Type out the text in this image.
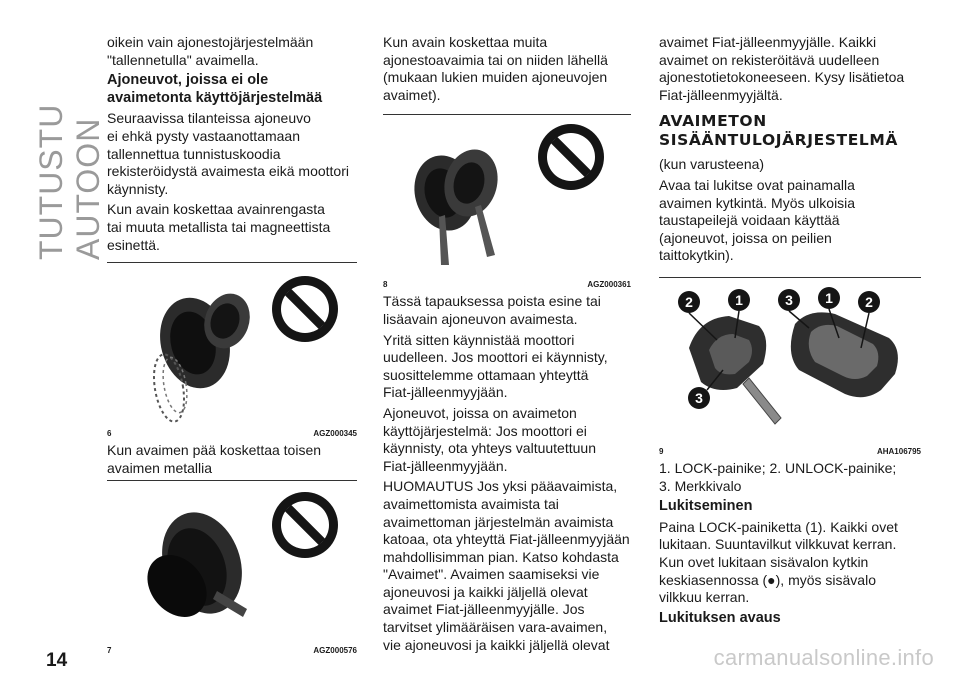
TUTUSTU AUTOON

oikein vain ajonestojärjestelmään
"tallennetulla" avaimella.

Ajoneuvot, joissa ei ole
avaimetonta käyttöjärjestelmää

Seuraavissa tilanteissa ajoneuvo
ei ehkä pysty vastaanottamaan
tallennettua tunnistuskoodia
rekisteröidystä avaimesta eikä moottori
käynnisty.

Kun avain koskettaa avainrengasta
tai muuta metallista tai magneettista
esinettä.

6	AGZ000345

Kun avaimen pää koskettaa toisen
avaimen metallia

7	AGZ000576

Kun avain koskettaa muita
ajonestoavaimia tai on niiden lähellä
(mukaan lukien muiden ajoneuvojen
avaimet).

8	AGZ000361

Tässä tapauksessa poista esine tai
lisäavain ajoneuvon avaimesta.

Yritä sitten käynnistää moottori
uudelleen. Jos moottori ei käynnisty,
suosittelemme ottamaan yhteyttä
Fiat-jälleenmyyjään.

Ajoneuvot, joissa on avaimeton
käyttöjärjestelmä: Jos moottori ei
käynnisty, ota yhteys valtuutettuun
Fiat-jälleenmyyjään.

HUOMAUTUS Jos yksi pääavaimista,
avaimettomista avaimista tai
avaimettoman järjestelmän avaimista
katoaa, ota yhteyttä Fiat-jälleenmyyjään
mahdollisimman pian. Katso kohdasta
"Avaimet". Avaimen saamiseksi vie
ajoneuvosi ja kaikki jäljellä olevat
avaimet Fiat-jälleenmyyjälle. Jos
tarvitset ylimääräisen vara-avaimen,
vie ajoneuvosi ja kaikki jäljellä olevat

avaimet Fiat-jälleenmyyjälle. Kaikki
avaimet on rekisteröitävä uudelleen
ajonestotietokoneeseen. Kysy lisätietoa
Fiat-jälleenmyyjältä.

AVAIMETON
SISÄÄNTULOJÄRJESTELMÄ

(kun varusteena)

Avaa tai lukitse ovat painamalla
avaimen kytkintä. Myös ulkoisia
taustapeilejä voidaan käyttää
(ajoneuvot, joissa on peilien
taittokytkin).

2	1
3
3 1 2
9	AHA106795

1. LOCK-painike; 2. UNLOCK-painike;
3. Merkkivalo

Lukitseminen

Paina LOCK-painiketta (1). Kaikki ovet
lukitaan. Suuntavilkut vilkkuvat kerran.
Kun ovet lukitaan sisävalon kytkin
keskiasennossa (●), myös sisävalo
vilkkuu kerran.

Lukituksen avaus

14	carmanualsonline.info
